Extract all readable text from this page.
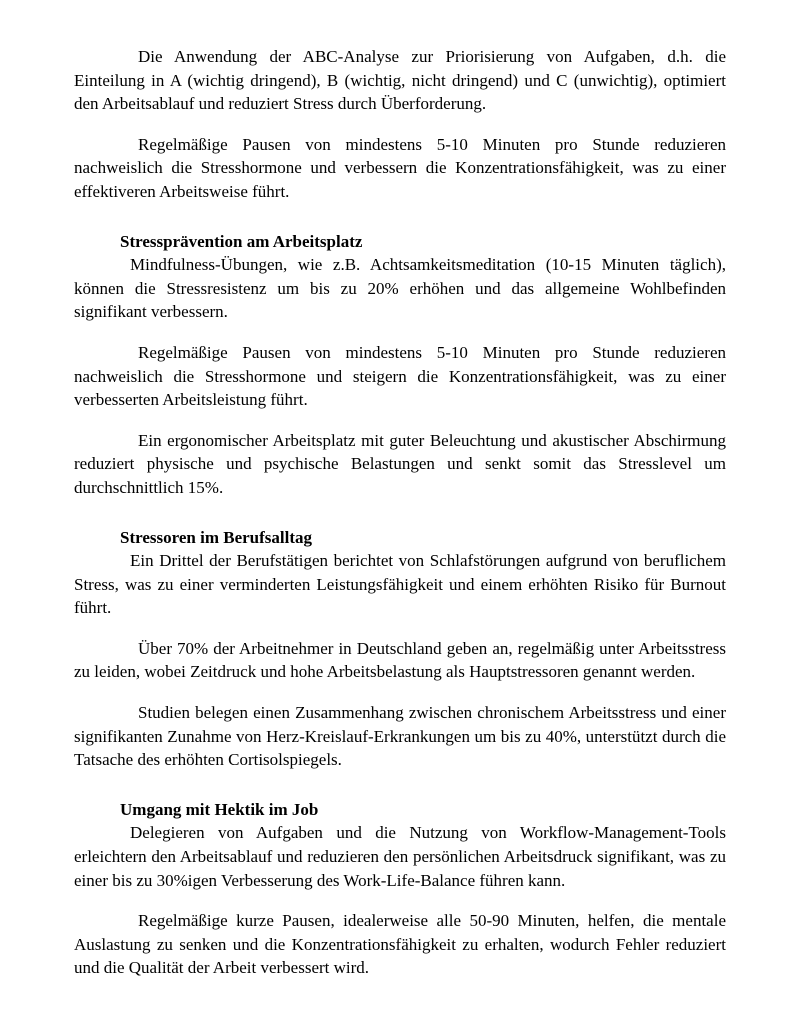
Die Anwendung der ABC-Analyse zur Priorisierung von Aufgaben, d.h. die Einteilung in A (wichtig dringend), B (wichtig, nicht dringend) und C (unwichtig), optimiert den Arbeitsablauf und reduziert Stress durch Überforderung.

Regelmäßige Pausen von mindestens 5-10 Minuten pro Stunde reduzieren nachweislich die Stresshormone und verbessern die Konzentrationsfähigkeit, was zu einer effektiveren Arbeitsweise führt.

Stressprävention am Arbeitsplatz

Mindfulness-Übungen, wie z.B. Achtsamkeitsmeditation (10-15 Minuten täglich), können die Stressresistenz um bis zu 20% erhöhen und das allgemeine Wohlbefinden signifikant verbessern.

Regelmäßige Pausen von mindestens 5-10 Minuten pro Stunde reduzieren nachweislich die Stresshormone und steigern die Konzentrationsfähigkeit, was zu einer verbesserten Arbeitsleistung führt.

Ein ergonomischer Arbeitsplatz mit guter Beleuchtung und akustischer Abschirmung reduziert physische und psychische Belastungen und senkt somit das Stresslevel um durchschnittlich 15%.

Stressoren im Berufsalltag

Ein Drittel der Berufstätigen berichtet von Schlafstörungen aufgrund von beruflichem Stress, was zu einer verminderten Leistungsfähigkeit und einem erhöhten Risiko für Burnout führt.

Über 70% der Arbeitnehmer in Deutschland geben an, regelmäßig unter Arbeitsstress zu leiden, wobei Zeitdruck und hohe Arbeitsbelastung als Hauptstressoren genannt werden.

Studien belegen einen Zusammenhang zwischen chronischem Arbeitsstress und einer signifikanten Zunahme von Herz-Kreislauf-Erkrankungen um bis zu 40%, unterstützt durch die Tatsache des erhöhten Cortisolspiegels.

Umgang mit Hektik im Job

Delegieren von Aufgaben und die Nutzung von Workflow-Management-Tools erleichtern den Arbeitsablauf und reduzieren den persönlichen Arbeitsdruck signifikant, was zu einer bis zu 30%igen Verbesserung des Work-Life-Balance führen kann.

Regelmäßige kurze Pausen, idealerweise alle 50-90 Minuten, helfen, die mentale Auslastung zu senken und die Konzentrationsfähigkeit zu erhalten, wodurch Fehler reduziert und die Qualität der Arbeit verbessert wird.
